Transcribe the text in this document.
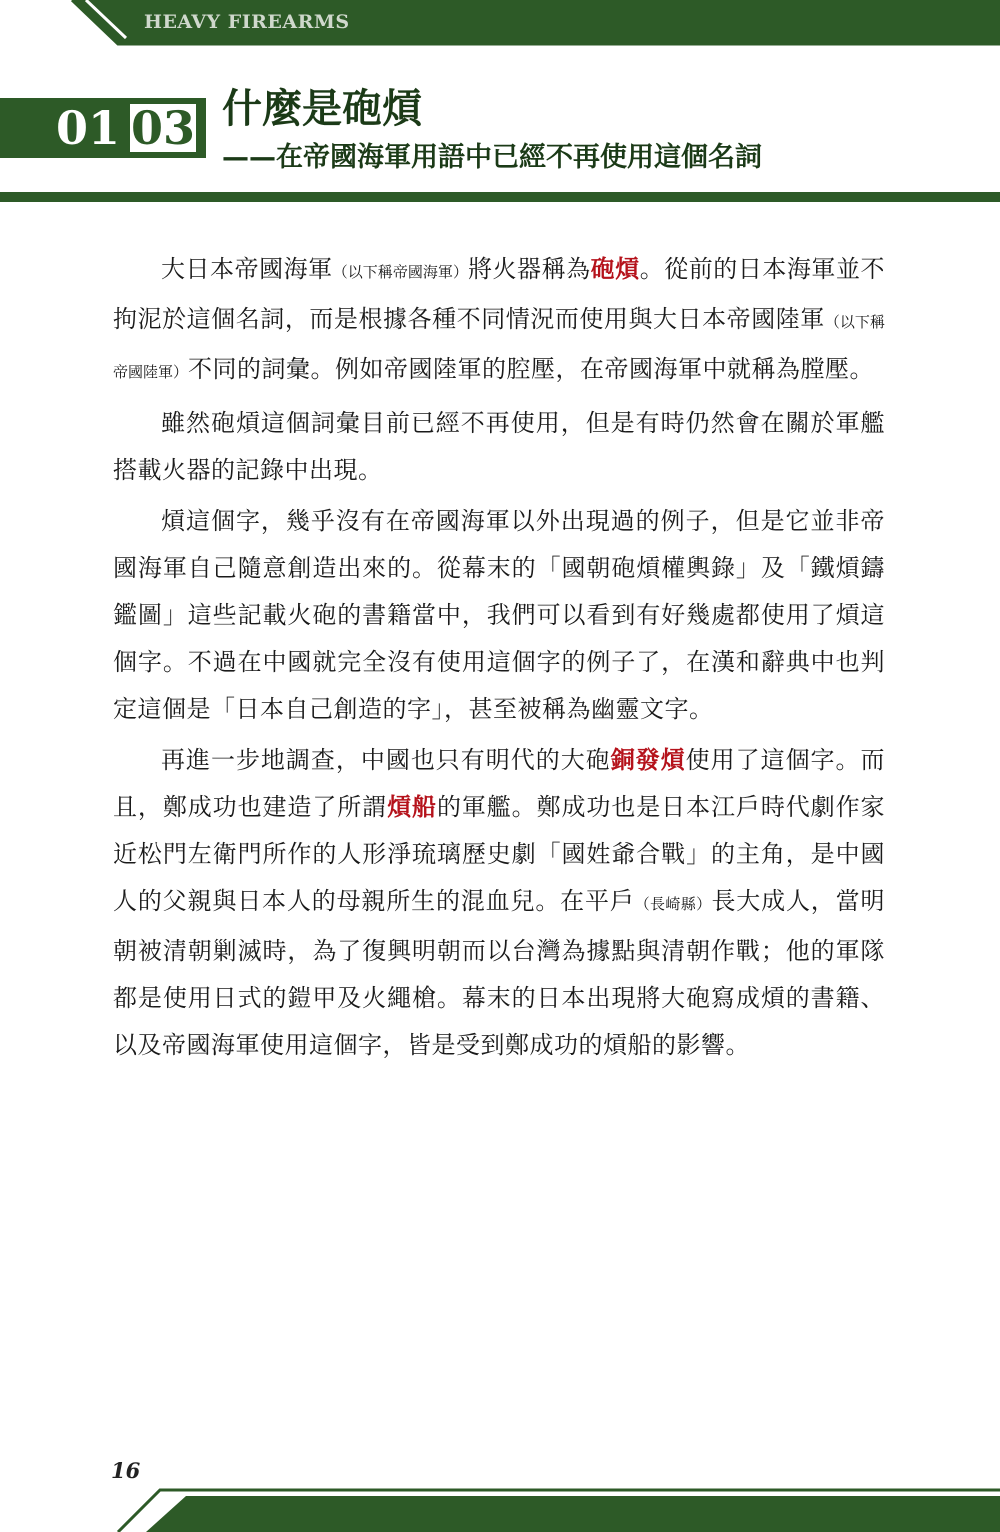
HEAVY FIREARMS
01 03 什麼是砲熕
——在帝國海軍用語中已經不再使用這個名詞

大日本帝國海軍（以下稱帝國海軍）將火器稱為砲熕。從前的日本海軍並不拘泥於這個名詞，而是根據各種不同情況而使用與大日本帝國陸軍（以下稱帝國陸軍）不同的詞彙。例如帝國陸軍的腔壓，在帝國海軍中就稱為膛壓。

雖然砲熕這個詞彙目前已經不再使用，但是有時仍然會在關於軍艦搭載火器的記錄中出現。

熕這個字，幾乎沒有在帝國海軍以外出現過的例子，但是它並非帝國海軍自己隨意創造出來的。從幕末的「國朝砲熕權輿錄」及「鐵熕鑄鑑圖」這些記載火砲的書籍當中，我們可以看到有好幾處都使用了熕這個字。不過在中國就完全沒有使用這個字的例子了，在漢和辭典中也判定這個是「日本自己創造的字」，甚至被稱為幽靈文字。

再進一步地調查，中國也只有明代的大砲銅發熕使用了這個字。而且，鄭成功也建造了所謂熕船的軍艦。鄭成功也是日本江戶時代劇作家近松門左衛門所作的人形淨琉璃歷史劇「國姓爺合戰」的主角，是中國人的父親與日本人的母親所生的混血兒。在平戶（長崎縣）長大成人，當明朝被清朝剿滅時，為了復興明朝而以台灣為據點與清朝作戰；他的軍隊都是使用日式的鎧甲及火繩槍。幕末的日本出現將大砲寫成熕的書籍、以及帝國海軍使用這個字，皆是受到鄭成功的熕船的影響。

16
